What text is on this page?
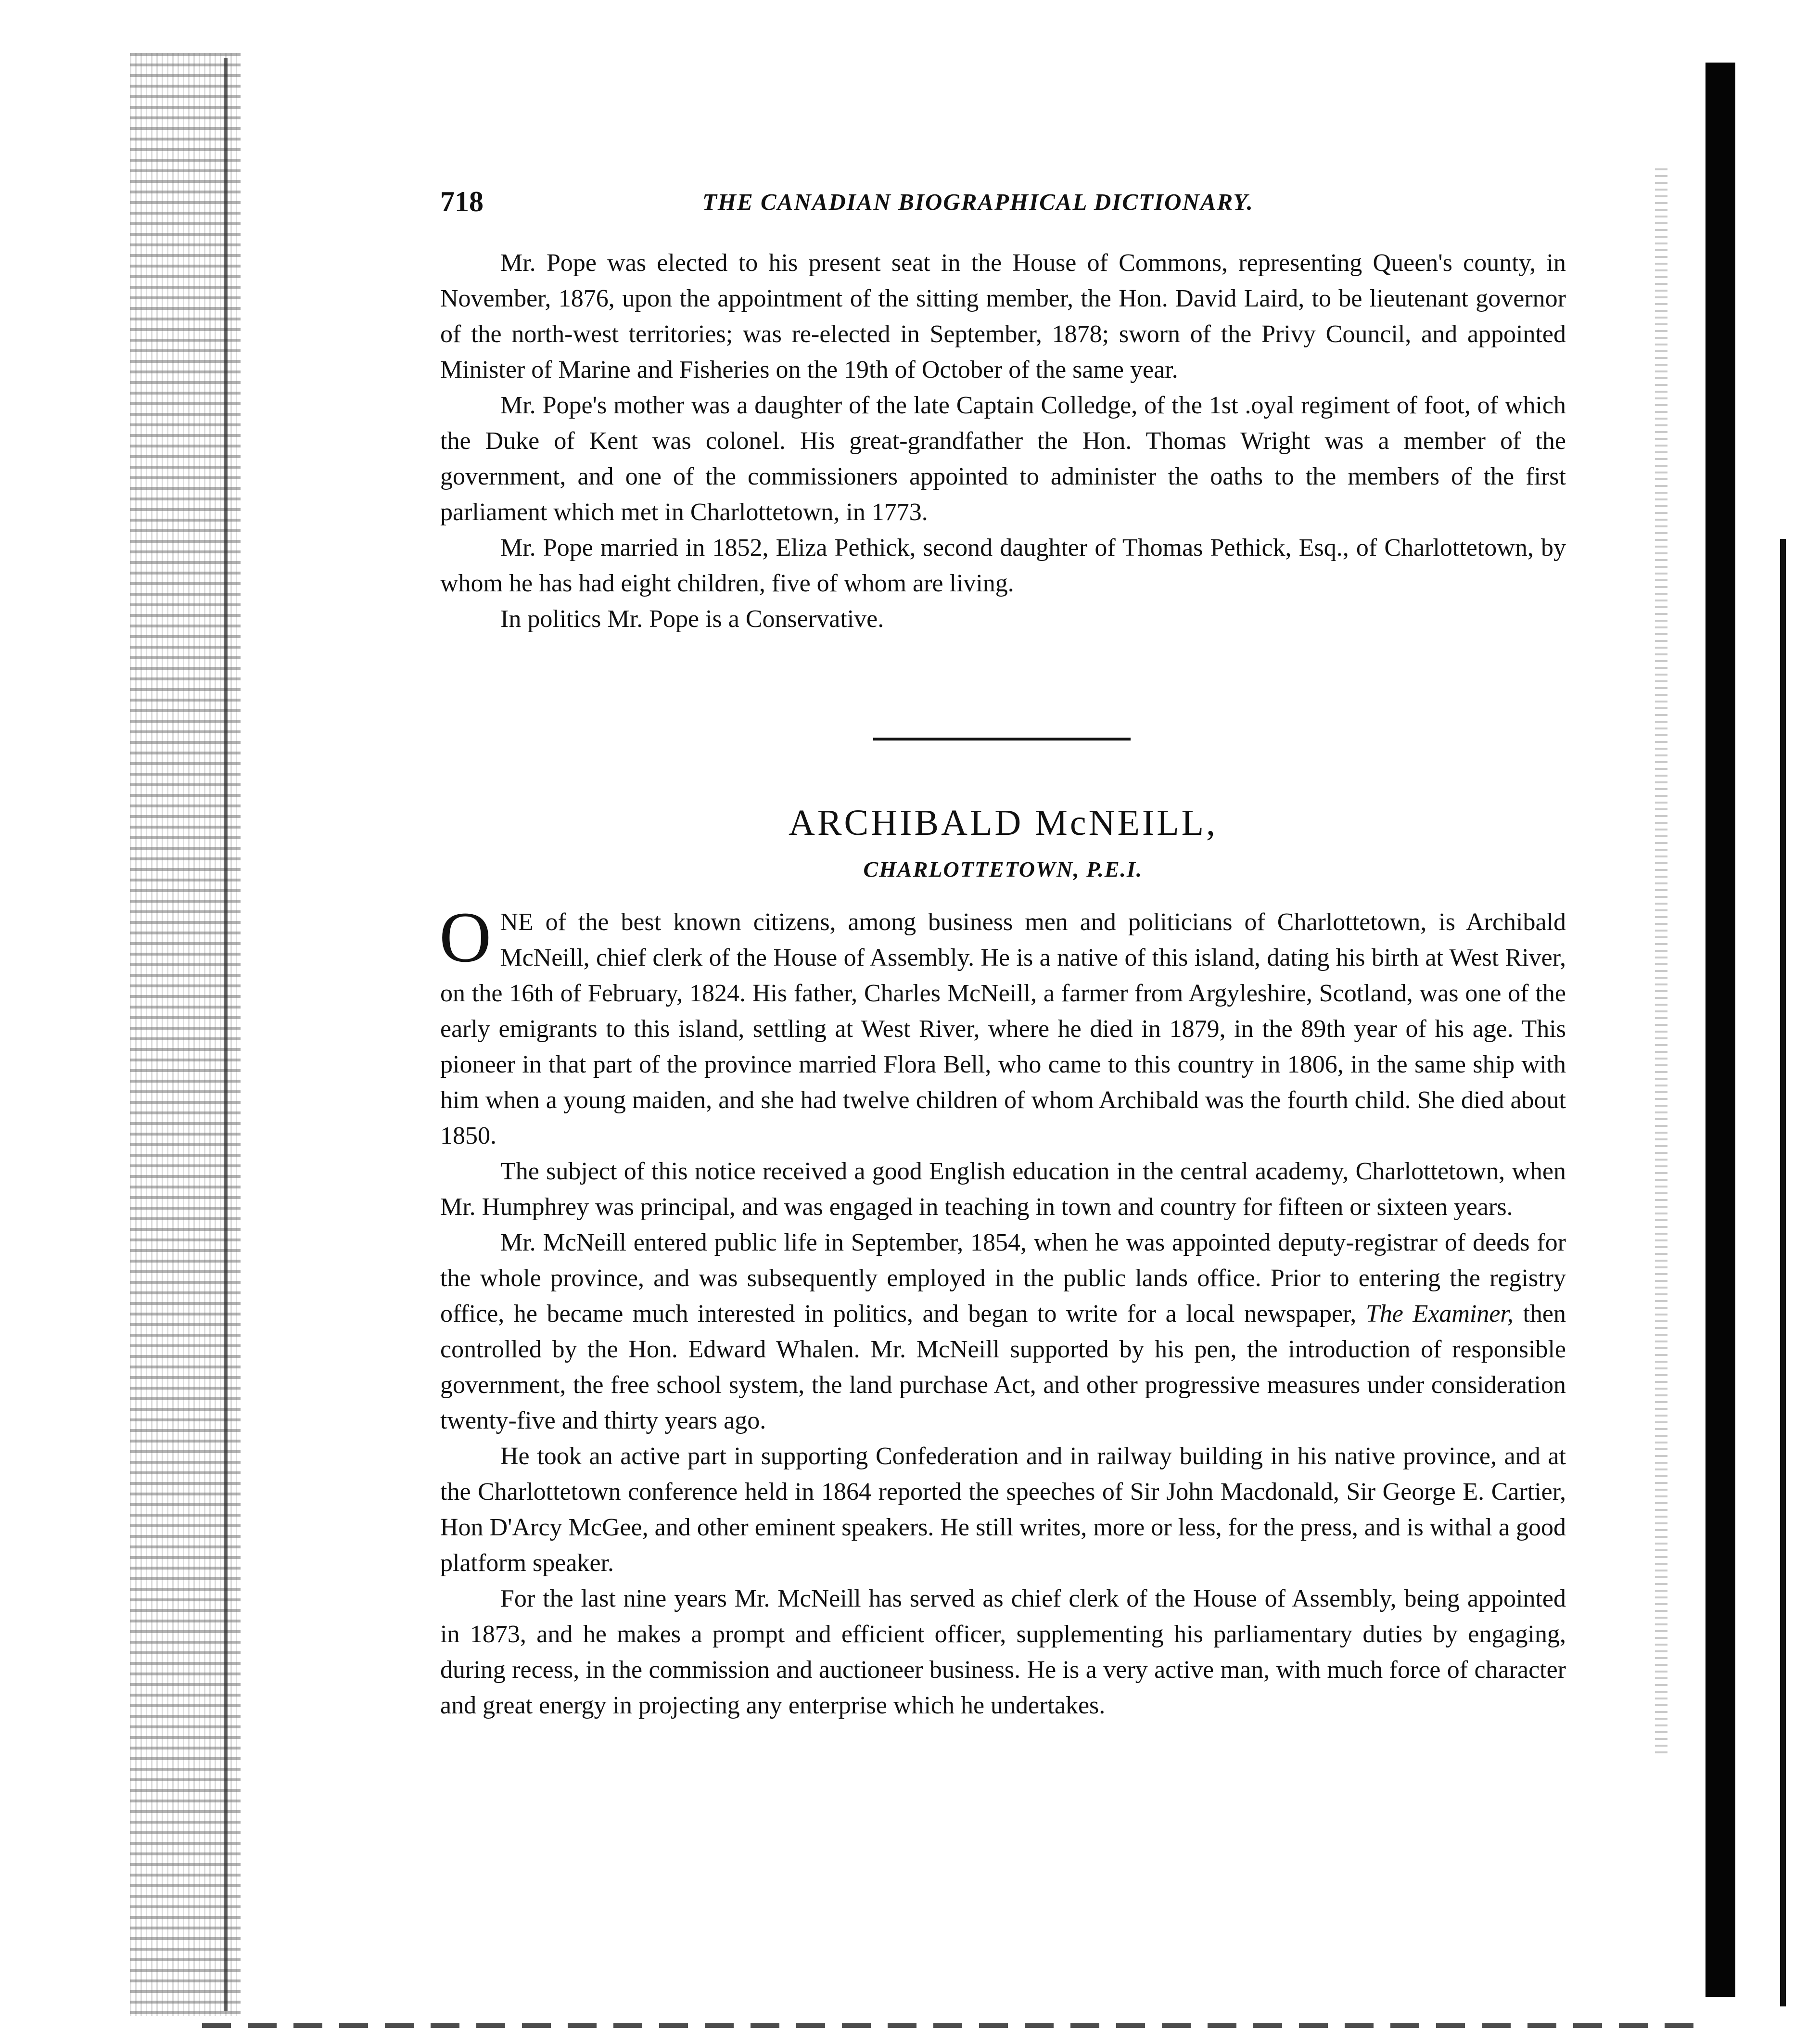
718	THE CANADIAN BIOGRAPHICAL DICTIONARY.

Mr. Pope was elected to his present seat in the House of Commons, representing Queen's county, in November, 1876, upon the appointment of the sitting member, the Hon. David Laird, to be lieutenant governor of the north-west territories; was re-elected in September, 1878; sworn of the Privy Council, and appointed Minister of Marine and Fisheries on the 19th of October of the same year.

Mr. Pope's mother was a daughter of the late Captain Colledge, of the 1st .oyal regiment of foot, of which the Duke of Kent was colonel. His great-grandfather the Hon. Thomas Wright was a member of the government, and one of the commissioners appointed to administer the oaths to the members of the first parliament which met in Charlottetown, in 1773.

Mr. Pope married in 1852, Eliza Pethick, second daughter of Thomas Pethick, Esq., of Charlottetown, by whom he has had eight children, five of whom are living.

In politics Mr. Pope is a Conservative.

ARCHIBALD McNEILL,
CHARLOTTETOWN, P.E.I.

ONE of the best known citizens, among business men and politicians of Charlottetown, is Archibald McNeill, chief clerk of the House of Assembly. He is a native of this island, dating his birth at West River, on the 16th of February, 1824. His father, Charles McNeill, a farmer from Argyleshire, Scotland, was one of the early emigrants to this island, settling at West River, where he died in 1879, in the 89th year of his age. This pioneer in that part of the province married Flora Bell, who came to this country in 1806, in the same ship with him when a young maiden, and she had twelve children of whom Archibald was the fourth child. She died about 1850.

The subject of this notice received a good English education in the central academy, Charlottetown, when Mr. Humphrey was principal, and was engaged in teaching in town and country for fifteen or sixteen years.

Mr. McNeill entered public life in September, 1854, when he was appointed deputy-registrar of deeds for the whole province, and was subsequently employed in the public lands office. Prior to entering the registry office, he became much interested in politics, and began to write for a local newspaper, The Examiner, then controlled by the Hon. Edward Whalen. Mr. McNeill supported by his pen, the introduction of responsible government, the free school system, the land purchase Act, and other progressive measures under consideration twenty-five and thirty years ago.

He took an active part in supporting Confederation and in railway building in his native province, and at the Charlottetown conference held in 1864 reported the speeches of Sir John Macdonald, Sir George E. Cartier, Hon D'Arcy McGee, and other eminent speakers. He still writes, more or less, for the press, and is withal a good platform speaker.

For the last nine years Mr. McNeill has served as chief clerk of the House of Assembly, being appointed in 1873, and he makes a prompt and efficient officer, supplementing his parliamentary duties by engaging, during recess, in the commission and auctioneer business. He is a very active man, with much force of character and great energy in projecting any enterprise which he undertakes.
